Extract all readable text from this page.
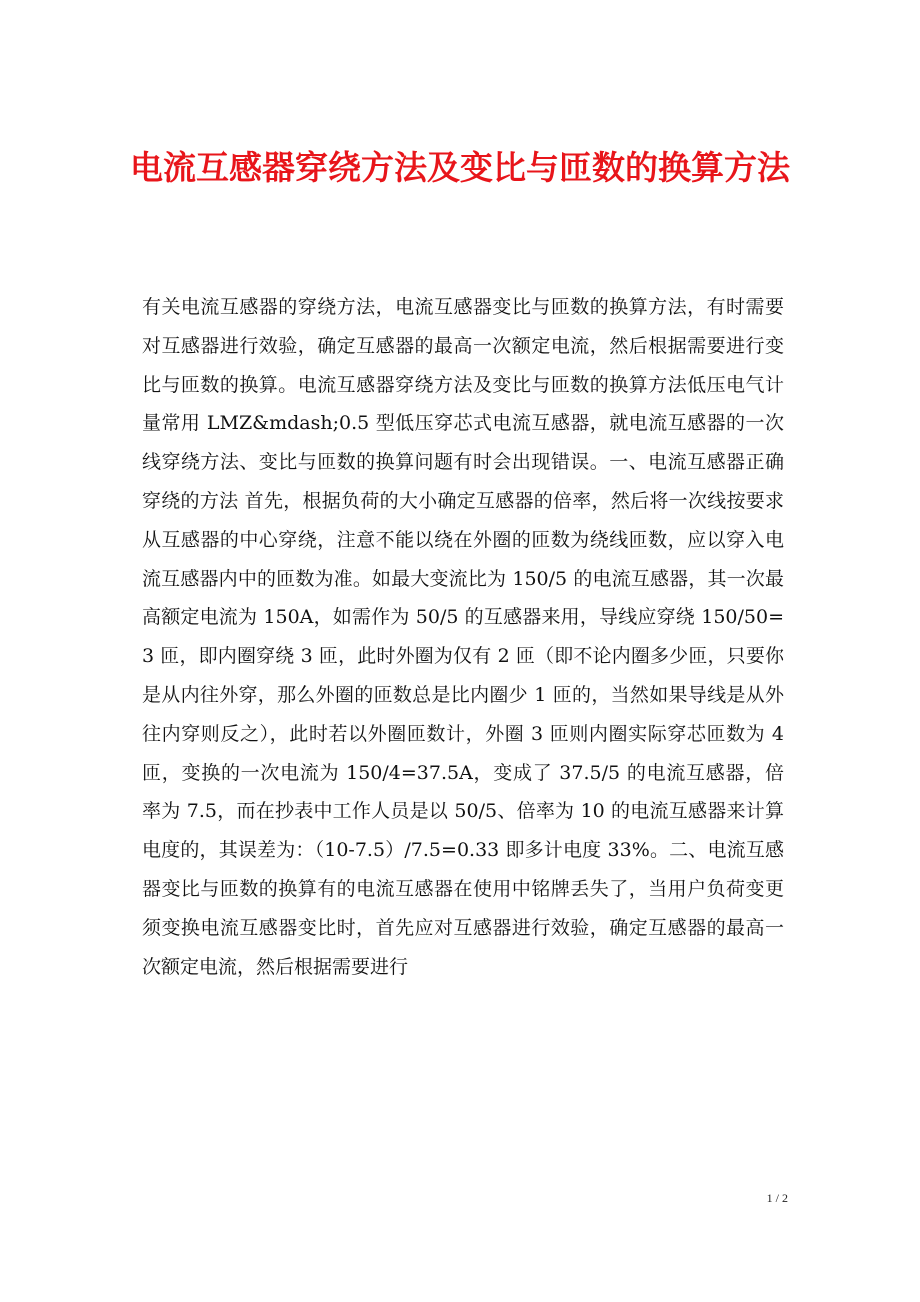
电流互感器穿绕方法及变比与匝数的换算方法

有关电流互感器的穿绕方法，电流互感器变比与匝数的换算方法，有时需要对互感器进行效验，确定互感器的最高一次额定电流，然后根据需要进行变比与匝数的换算。电流互感器穿绕方法及变比与匝数的换算方法低压电气计量常用 LMZ&mdash;0.5 型低压穿芯式电流互感器，就电流互感器的一次线穿绕方法、变比与匝数的换算问题有时会出现错误。一、电流互感器正确穿绕的方法 首先，根据负荷的大小确定互感器的倍率，然后将一次线按要求从互感器的中心穿绕，注意不能以绕在外圈的匝数为绕线匝数，应以穿入电流互感器内中的匝数为准。如最大变流比为 150/5 的电流互感器，其一次最高额定电流为 150A，如需作为 50/5 的互感器来用，导线应穿绕 150/50=3 匝，即内圈穿绕 3 匝，此时外圈为仅有 2 匝（即不论内圈多少匝，只要你是从内往外穿，那么外圈的匝数总是比内圈少 1 匝的，当然如果导线是从外往内穿则反之），此时若以外圈匝数计，外圈 3 匝则内圈实际穿芯匝数为 4 匝，变换的一次电流为 150/4=37.5A，变成了 37.5/5 的电流互感器，倍率为 7.5，而在抄表中工作人员是以 50/5、倍率为 10 的电流互感器来计算电度的，其误差为：（10-7.5）/7.5=0.33 即多计电度 33%。二、电流互感器变比与匝数的换算有的电流互感器在使用中铭牌丢失了，当用户负荷变更须变换电流互感器变比时，首先应对互感器进行效验，确定互感器的最高一次额定电流，然后根据需要进行

1 / 2
